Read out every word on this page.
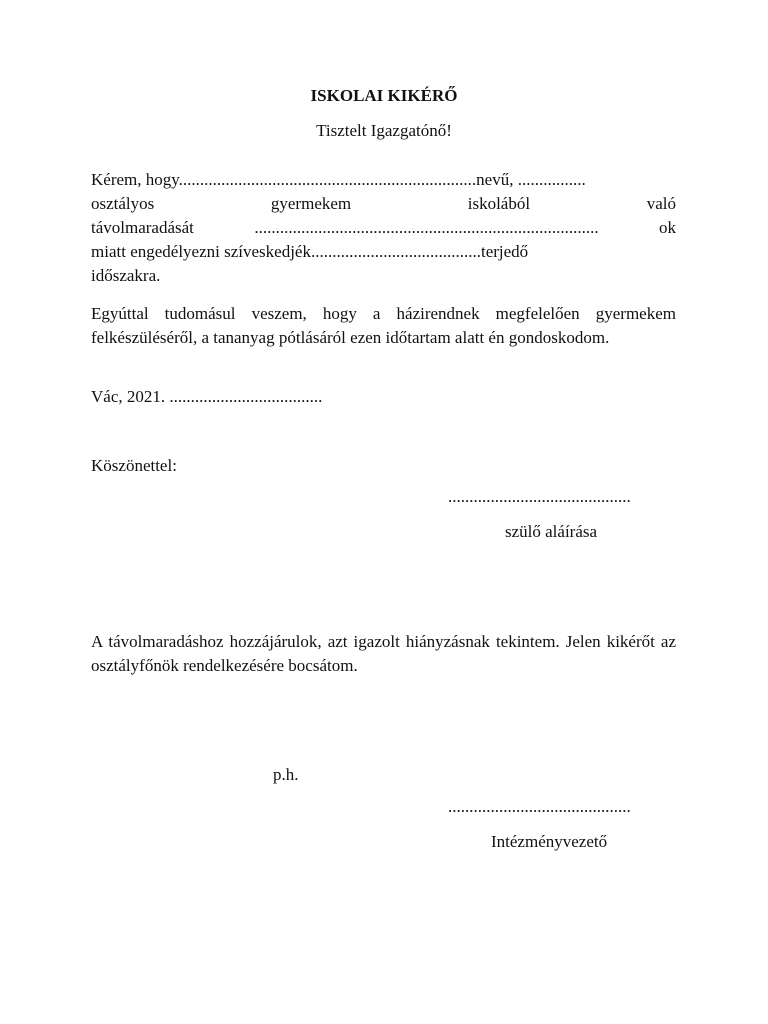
ISKOLAI KIKÉRŐ
Tisztelt Igazgatónő!
Kérem, hogy......................................................................nevű, ................
osztályos	gyermekem	iskolából	való
távolmaradását	.................................................................................	ok
miatt engedélyezni szíveskedjék........................................terjedő
időszakra.
Egyúttal tudomásul veszem, hogy a házirendnek megfelelően gyermekem felkészüléséről, a tananyag pótlásáról ezen időtartam alatt én gondoskodom.
Vác, 2021. ....................................
Köszönettel:
...........................................
szülő aláírása
A távolmaradáshoz hozzájárulok, azt igazolt hiányzásnak tekintem. Jelen kikérőt az osztályfőnök rendelkezésére bocsátom.
p.h.
...........................................
Intézményvezető
